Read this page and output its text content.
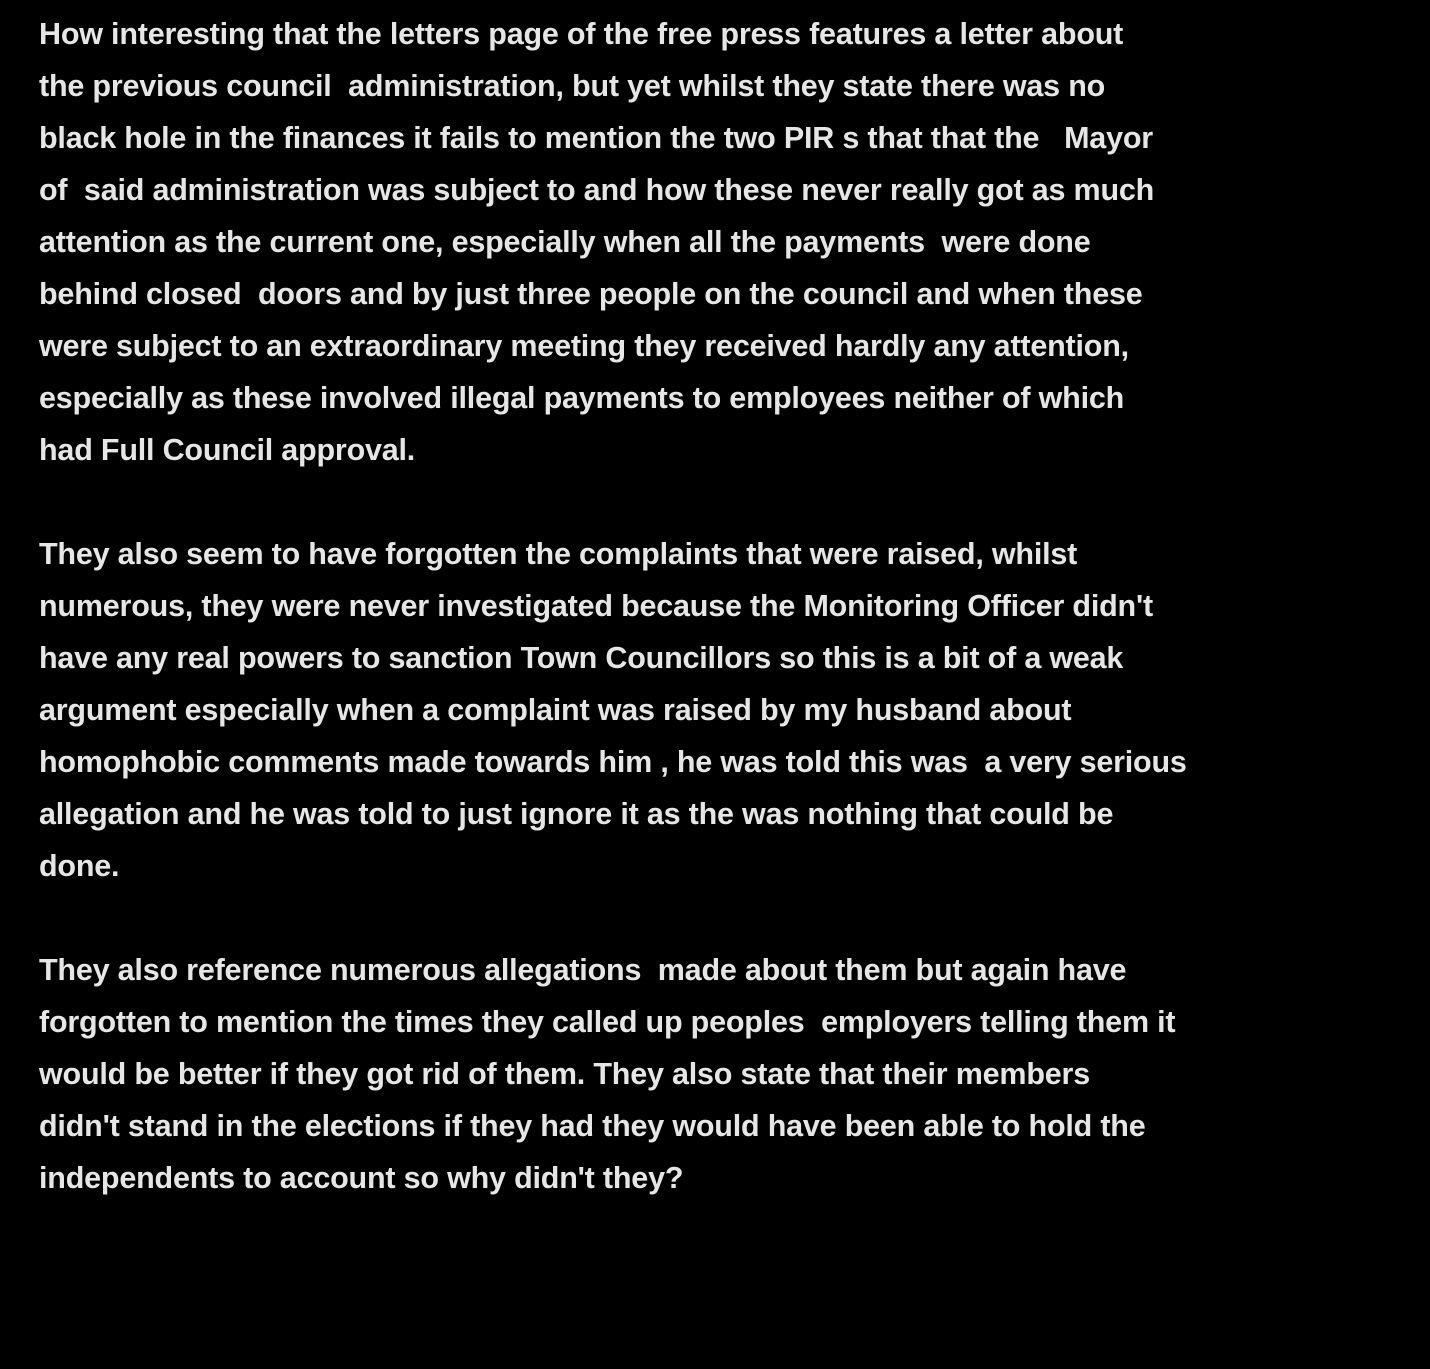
How interesting that the letters page of the free press features a letter about
the previous council  administration, but yet whilst they state there was no
black hole in the finances it fails to mention the two PIR s that that the   Mayor
of  said administration was subject to and how these never really got as much
attention as the current one, especially when all the payments  were done
behind closed  doors and by just three people on the council and when these
were subject to an extraordinary meeting they received hardly any attention,
especially as these involved illegal payments to employees neither of which
had Full Council approval.
They also seem to have forgotten the complaints that were raised, whilst
numerous, they were never investigated because the Monitoring Officer didn't
have any real powers to sanction Town Councillors so this is a bit of a weak
argument especially when a complaint was raised by my husband about
homophobic comments made towards him , he was told this was  a very serious
allegation and he was told to just ignore it as the was nothing that could be
done.
They also reference numerous allegations  made about them but again have
forgotten to mention the times they called up peoples  employers telling them it
would be better if they got rid of them. They also state that their members
didn't stand in the elections if they had they would have been able to hold the
independents to account so why didn't they?
